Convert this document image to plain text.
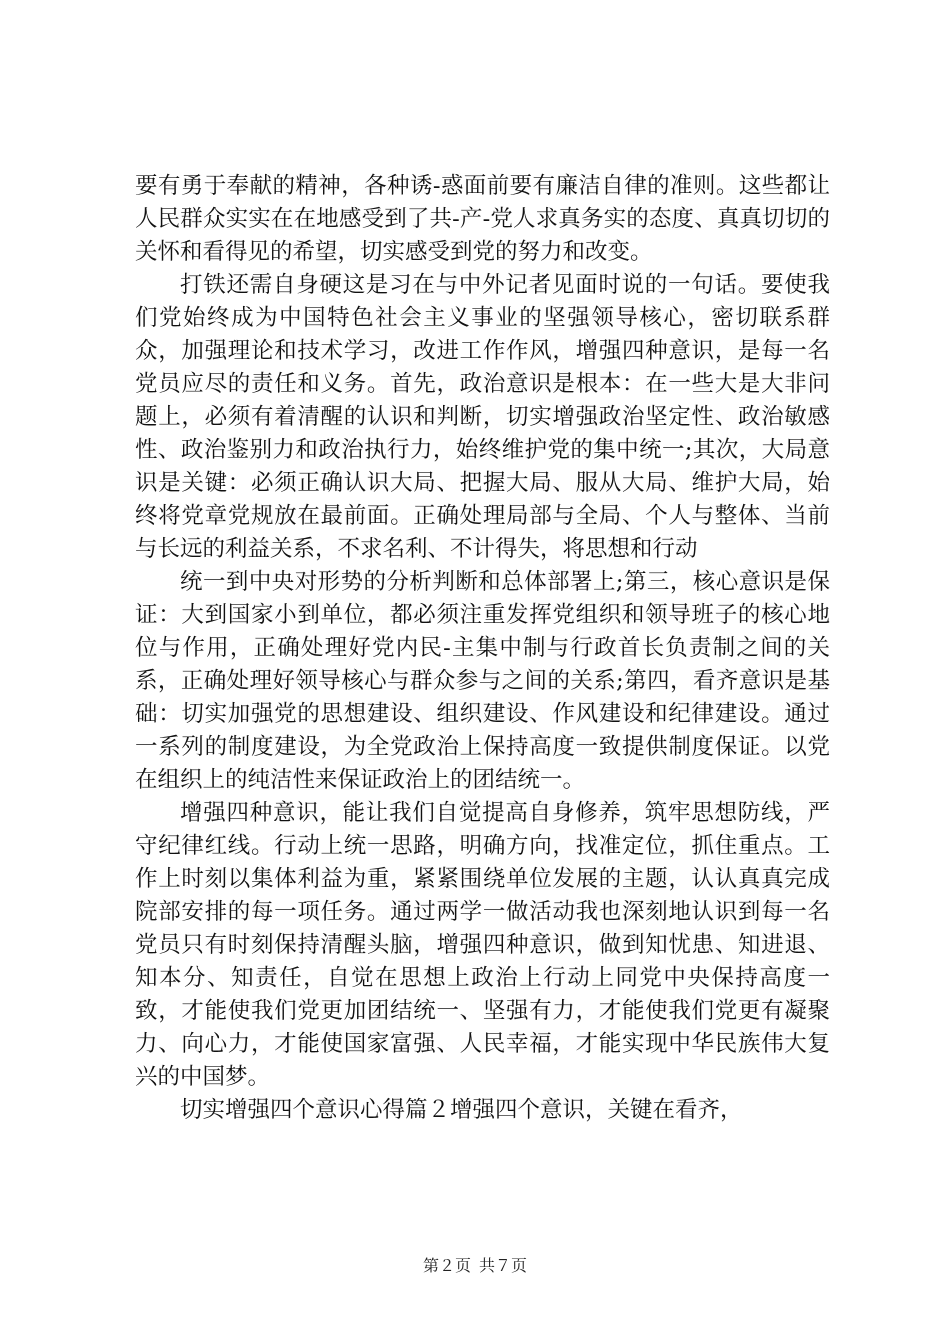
要有勇于奉献的精神，各种诱-惑面前要有廉洁自律的准则。这些都让人民群众实实在在地感受到了共-产-党人求真务实的态度、真真切切的关怀和看得见的希望，切实感受到党的努力和改变。

打铁还需自身硬这是习在与中外记者见面时说的一句话。要使我们党始终成为中国特色社会主义事业的坚强领导核心，密切联系群众，加强理论和技术学习，改进工作作风，增强四种意识，是每一名党员应尽的责任和义务。首先，政治意识是根本：在一些大是大非问题上，必须有着清醒的认识和判断，切实增强政治坚定性、政治敏感性、政治鉴别力和政治执行力，始终维护党的集中统一;其次，大局意识是关键：必须正确认识大局、把握大局、服从大局、维护大局，始终将党章党规放在最前面。正确处理局部与全局、个人与整体、当前与长远的利益关系，不求名利、不计得失，将思想和行动

统一到中央对形势的分析判断和总体部署上;第三，核心意识是保证：大到国家小到单位，都必须注重发挥党组织和领导班子的核心地位与作用，正确处理好党内民-主集中制与行政首长负责制之间的关系，正确处理好领导核心与群众参与之间的关系;第四，看齐意识是基础：切实加强党的思想建设、组织建设、作风建设和纪律建设。通过一系列的制度建设，为全党政治上保持高度一致提供制度保证。以党在组织上的纯洁性来保证政治上的团结统一。

增强四种意识，能让我们自觉提高自身修养，筑牢思想防线，严守纪律红线。行动上统一思路，明确方向，找准定位，抓住重点。工作上时刻以集体利益为重，紧紧围绕单位发展的主题，认认真真完成院部安排的每一项任务。通过两学一做活动我也深刻地认识到每一名党员只有时刻保持清醒头脑，增强四种意识，做到知忧患、知进退、知本分、知责任，自觉在思想上政治上行动上同党中央保持高度一致，才能使我们党更加团结统一、坚强有力，才能使我们党更有凝聚力、向心力，才能使国家富强、人民幸福，才能实现中华民族伟大复兴的中国梦。

切实增强四个意识心得篇２增强四个意识，关键在看齐，

第２页 共７页
